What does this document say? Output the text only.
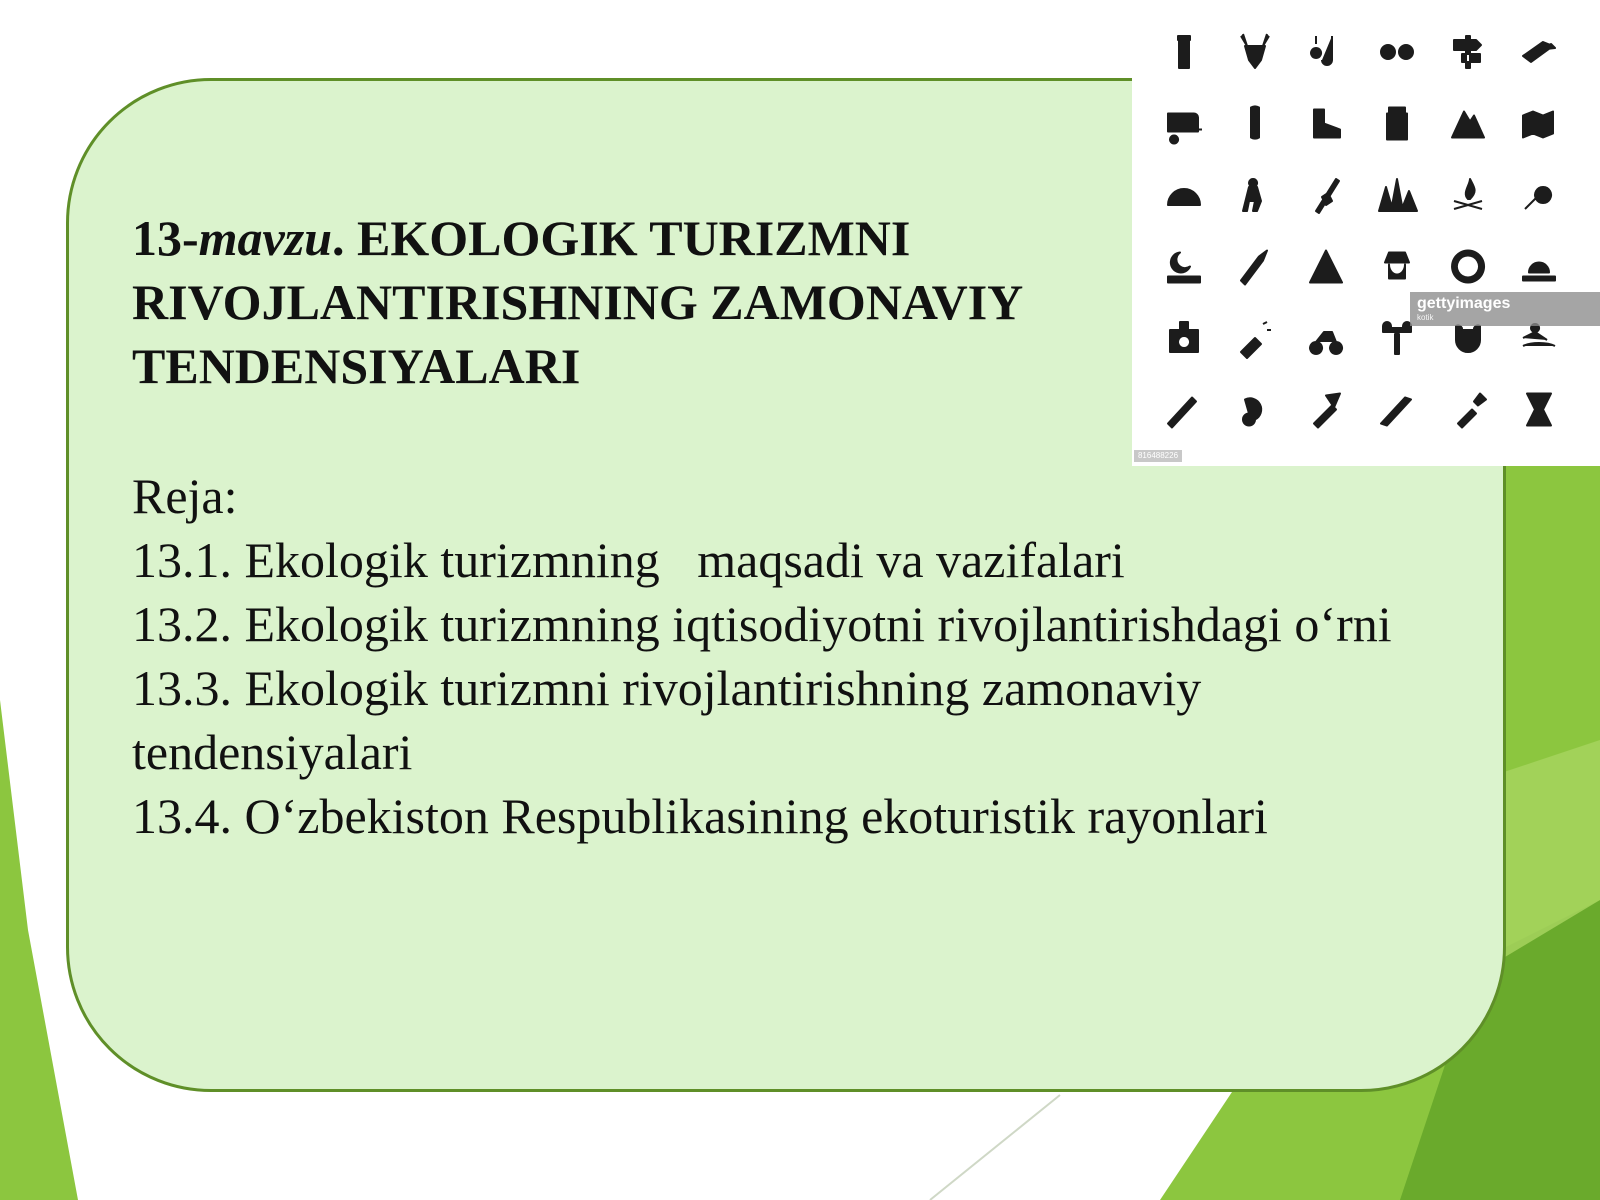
13-mavzu. EKOLOGIK TURIZMNI
RIVOJLANTIRISHNING ZAMONAVIY
TENDENSIYALARI
Reja:
13.1. Ekologik turizmning   maqsadi va vazifalari
13.2. Ekologik turizmning iqtisodiyotni rivojlantirishdagi o‘rni
13.3. Ekologik turizmni rivojlantirishning zamonaviy tendensiyalari
13.4. O‘zbekiston Respublikasining ekoturistik rayonlari
gettyimages
kotik
816488226
